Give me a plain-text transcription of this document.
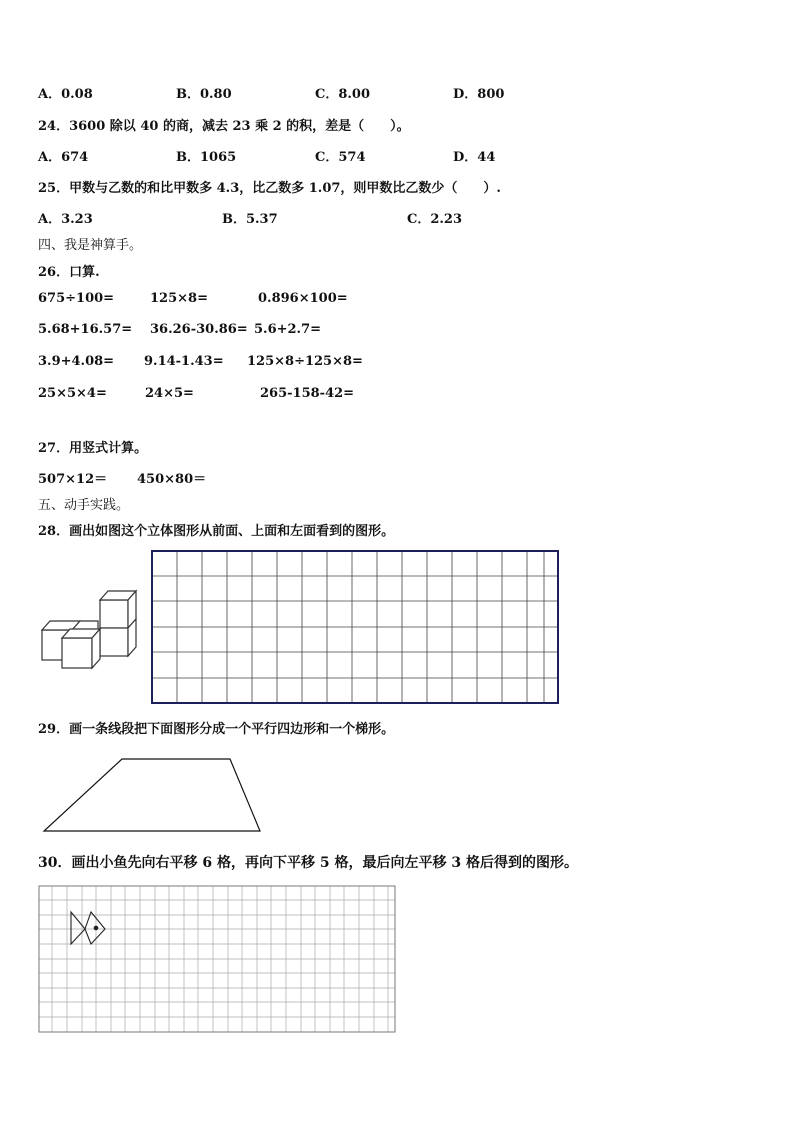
A．0.08	B．0.80	C．8.00	D．800
24．3600 除以 40 的商，减去 23 乘 2 的积，差是（　　）。
A．674	B．1065	C．574	D．44
25．甲数与乙数的和比甲数多 4.3，比乙数多 1.07，则甲数比乙数少（　　）.
A．3.23	B．5.37	C．2.23
四、我是神算手。
26．口算.
675÷100=	125×8=	0.896×100=
5.68+16.57= 36.26-30.86= 5.6+2.7=
3.9+4.08= 9.14-1.43= 125×8÷125×8=
25×5×4=	24×5=	265-158-42=
27．用竖式计算。
507×12＝ 450×80＝
五、动手实践。
28．画出如图这个立体图形从前面、上面和左面看到的图形。
29．画一条线段把下面图形分成一个平行四边形和一个梯形。
30．画出小鱼先向右平移 6 格，再向下平移 5 格，最后向左平移 3 格后得到的图形。
